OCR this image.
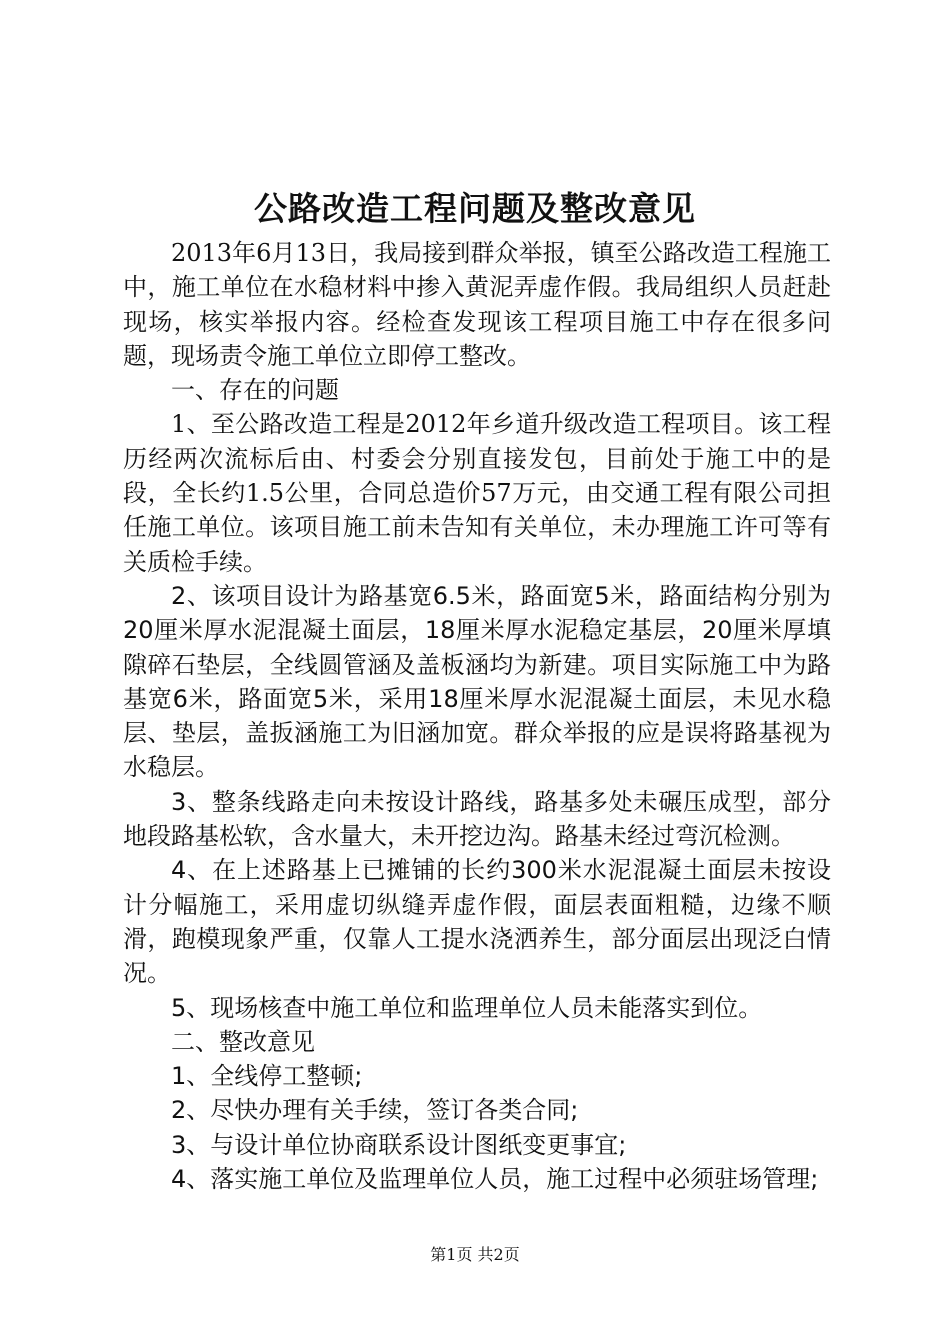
公路改造工程问题及整改意见

2013年6月13日，我局接到群众举报，镇至公路改造工程施工中，施工单位在水稳材料中掺入黄泥弄虚作假。我局组织人员赶赴现场，核实举报内容。经检查发现该工程项目施工中存在很多问题，现场责令施工单位立即停工整改。

一、存在的问题

1、至公路改造工程是2012年乡道升级改造工程项目。该工程历经两次流标后由、村委会分别直接发包，目前处于施工中的是段，全长约1.5公里，合同总造价57万元，由交通工程有限公司担任施工单位。该项目施工前未告知有关单位，未办理施工许可等有关质检手续。

2、该项目设计为路基宽6.5米，路面宽5米，路面结构分别为20厘米厚水泥混凝土面层，18厘米厚水泥稳定基层，20厘米厚填隙碎石垫层，全线圆管涵及盖板涵均为新建。项目实际施工中为路基宽6米，路面宽5米，采用18厘米厚水泥混凝土面层，未见水稳层、垫层，盖扳涵施工为旧涵加宽。群众举报的应是误将路基视为水稳层。

3、整条线路走向未按设计路线，路基多处未碾压成型，部分地段路基松软，含水量大，未开挖边沟。路基未经过弯沉检测。

4、在上述路基上已摊铺的长约300米水泥混凝土面层未按设计分幅施工，采用虚切纵缝弄虚作假，面层表面粗糙，边缘不顺滑，跑模现象严重，仅靠人工提水浇洒养生，部分面层出现泛白情况。

5、现场核查中施工单位和监理单位人员未能落实到位。

二、整改意见

1、全线停工整顿;

2、尽快办理有关手续，签订各类合同;

3、与设计单位协商联系设计图纸变更事宜;

4、落实施工单位及监理单位人员，施工过程中必须驻场管理;

第1页 共2页
